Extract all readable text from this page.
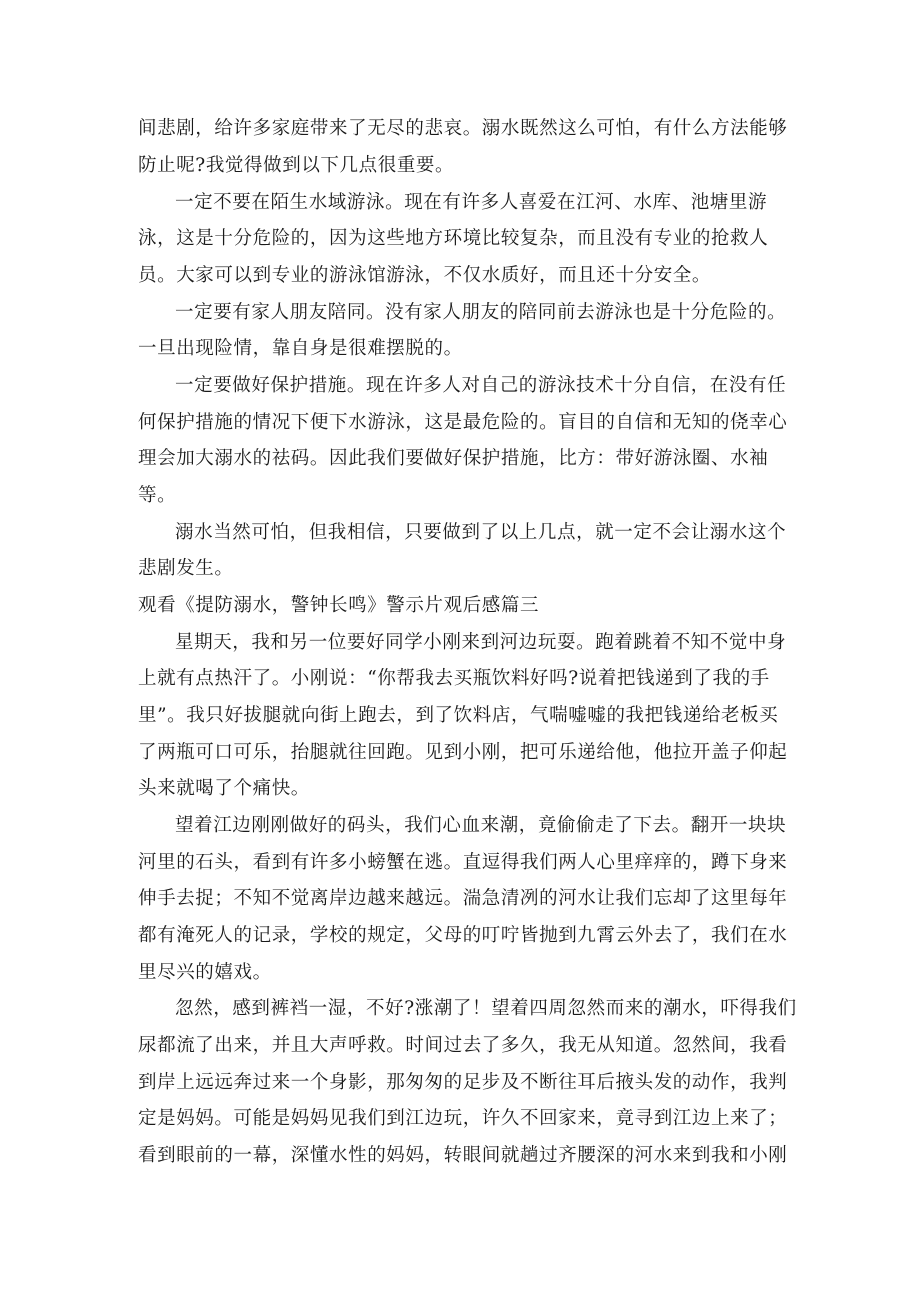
间悲剧，给许多家庭带来了无尽的悲哀。溺水既然这么可怕，有什么方法能够
防止呢?我觉得做到以下几点很重要。
一定不要在陌生水域游泳。现在有许多人喜爱在江河、水库、池塘里游
泳，这是十分危险的，因为这些地方环境比较复杂，而且没有专业的抢救人
员。大家可以到专业的游泳馆游泳，不仅水质好，而且还十分安全。
一定要有家人朋友陪同。没有家人朋友的陪同前去游泳也是十分危险的。
一旦出现险情，靠自身是很难摆脱的。
一定要做好保护措施。现在许多人对自己的游泳技术十分自信，在没有任
何保护措施的情况下便下水游泳，这是最危险的。盲目的自信和无知的侥幸心
理会加大溺水的祛码。因此我们要做好保护措施，比方：带好游泳圈、水袖
等。
溺水当然可怕，但我相信，只要做到了以上几点，就一定不会让溺水这个
悲剧发生。
观看《提防溺水，警钟长鸣》警示片观后感篇三
星期天，我和另一位要好同学小刚来到河边玩耍。跑着跳着不知不觉中身
上就有点热汗了。小刚说：“你帮我去买瓶饮料好吗?说着把钱递到了我的手
里”。我只好拔腿就向街上跑去，到了饮料店，气喘嘘嘘的我把钱递给老板买
了两瓶可口可乐，抬腿就往回跑。见到小刚，把可乐递给他，他拉开盖子仰起
头来就喝了个痛快。
望着江边刚刚做好的码头，我们心血来潮，竟偷偷走了下去。翻开一块块
河里的石头，看到有许多小螃蟹在逃。直逗得我们两人心里痒痒的，蹲下身来
伸手去捉；不知不觉离岸边越来越远。湍急清冽的河水让我们忘却了这里每年
都有淹死人的记录，学校的规定，父母的叮咛皆抛到九霄云外去了，我们在水
里尽兴的嬉戏。
忽然，感到裤裆一湿，不好?涨潮了！望着四周忽然而来的潮水，吓得我们
尿都流了出来，并且大声呼救。时间过去了多久，我无从知道。忽然间，我看
到岸上远远奔过来一个身影，那匆匆的足步及不断往耳后掖头发的动作，我判
定是妈妈。可能是妈妈见我们到江边玩，许久不回家来，竟寻到江边上来了；
看到眼前的一幕，深懂水性的妈妈，转眼间就趟过齐腰深的河水来到我和小刚
